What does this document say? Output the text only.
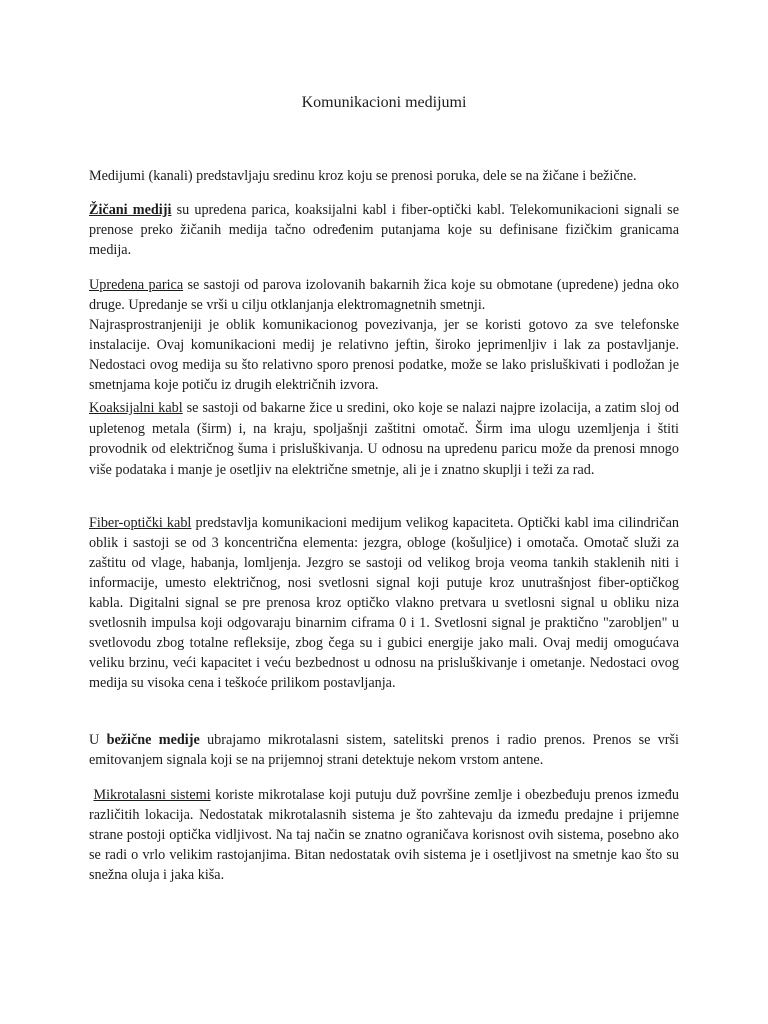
Komunikacioni medijumi

Medijumi (kanali) predstavljaju sredinu kroz koju se prenosi poruka, dele se na žičane i bežične.

Žičani mediji su upredena parica, koaksijalni kabl i fiber-optički kabl. Telekomunikacioni signali se prenose preko žičanih medija tačno određenim putanjama koje su definisane fizičkim granicama medija.

Upredena parica se sastoji od parova izolovanih bakarnih žica koje su obmotane (upredene) jedna oko druge. Upredanje se vrši u cilju otklanjanja elektromagnetnih smetnji.
Najrasprostranjeniji je oblik komunikacionog povezivanja, jer se koristi gotovo za sve telefonske instalacije. Ovaj komunikacioni medij je relativno jeftin, široko jeprimenljiv i lak za postavljanje. Nedostaci ovog medija su što relativno sporo prenosi podatke, može se lako prisluškivati i podložan je smetnjama koje potiču iz drugih električnih izvora.

Koaksijalni kabl se sastoji od bakarne žice u sredini, oko koje se nalazi najpre izolacija, a zatim sloj od upletenog metala (širm) i, na kraju, spoljašnji zaštitni omotač. Širm ima ulogu uzemljenja i štiti provodnik od električnog šuma i prisluškivanja. U odnosu na upredenu paricu može da prenosi mnogo više podataka i manje je osetljiv na električne smetnje, ali je i znatno skuplji i teži za rad.

Fiber-optički kabl predstavlja komunikacioni medijum velikog kapaciteta. Optički kabl ima cilindričan oblik i sastoji se od 3 koncentrična elementa: jezgra, obloge (košuljice) i omotača. Omotač služi za zaštitu od vlage, habanja, lomljenja. Jezgro se sastoji od velikog broja veoma tankih staklenih niti i informacije, umesto električnog, nosi svetlosni signal koji putuje kroz unutrašnjost fiber-optičkog kabla. Digitalni signal se pre prenosa kroz optičko vlakno pretvara u svetlosni signal u obliku niza svetlosnih impulsa koji odgovaraju binarnim ciframa 0 i 1. Svetlosni signal je praktično "zarobljen" u svetlovodu zbog totalne refleksije, zbog čega su i gubici energije jako mali. Ovaj medij omogućava veliku brzinu, veći kapacitet i veću bezbednost u odnosu na prisluškivanje i ometanje. Nedostaci ovog medija su visoka cena i teškoće prilikom postavljanja.

U bežične medije ubrajamo mikrotalasni sistem, satelitski prenos i radio prenos. Prenos se vrši emitovanjem signala koji se na prijemnoj strani detektuje nekom vrstom antene.

Mikrotalasni sistemi koriste mikrotalase koji putuju duž površine zemlje i obezbeđuju prenos između različitih lokacija. Nedostatak mikrotalasnih sistema je što zahtevaju da između predajne i prijemne strane postoji optička vidljivost. Na taj način se znatno ograničava korisnost ovih sistema, posebno ako se radi o vrlo velikim rastojanjima. Bitan nedostatak ovih sistema je i osetljivost na smetnje kao što su snežna oluja i jaka kiša.
